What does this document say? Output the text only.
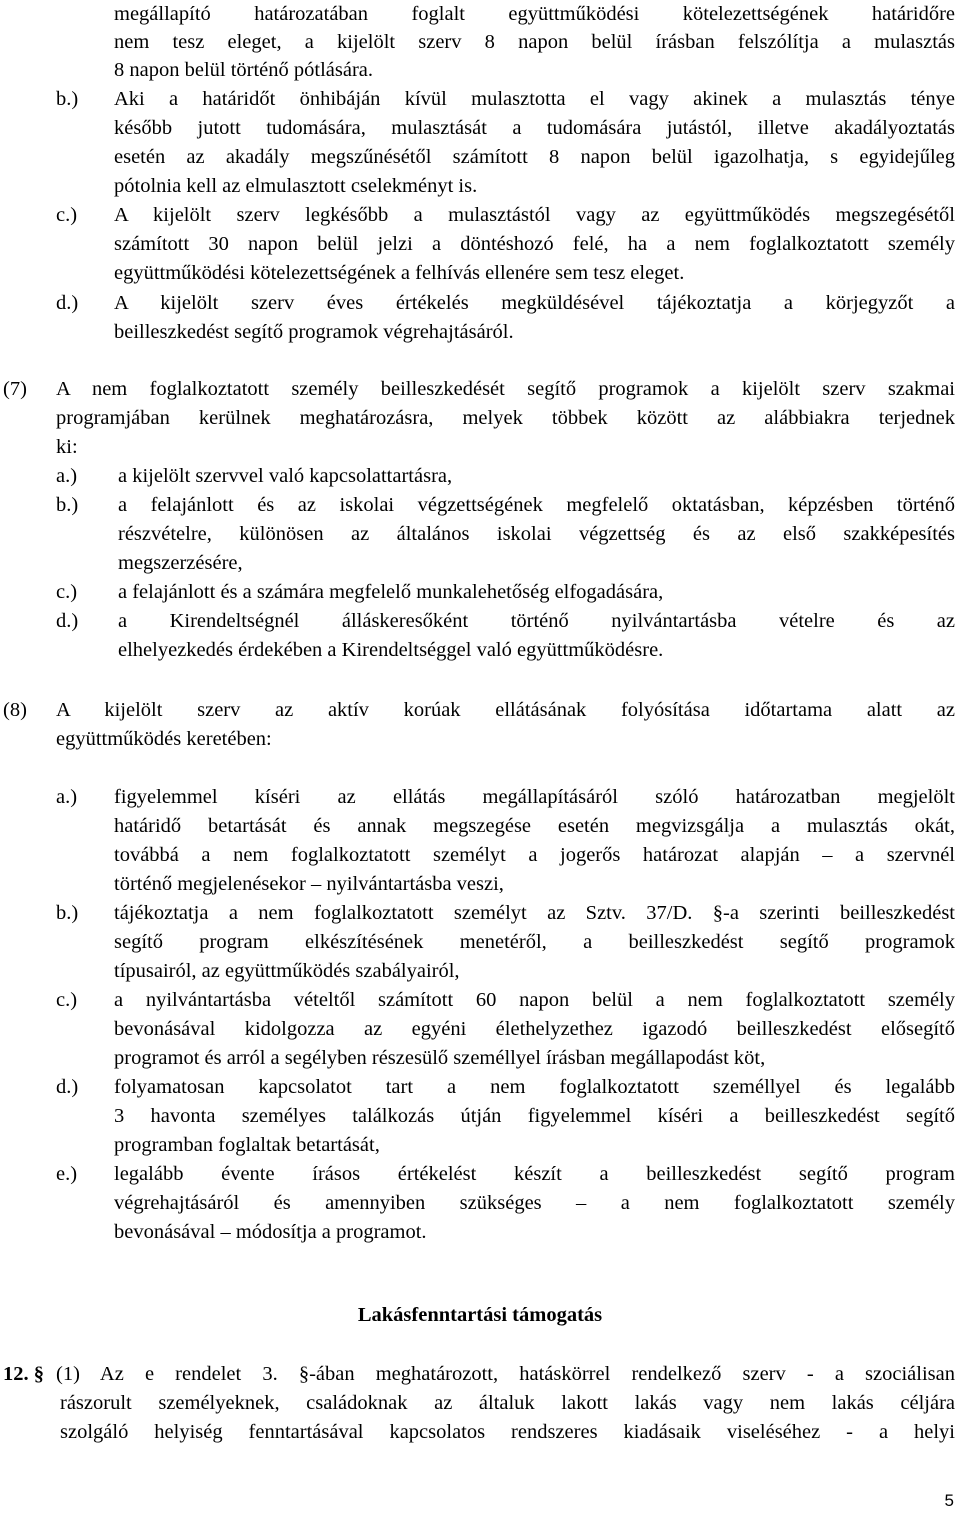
megállapító határozatában foglalt együttműködési kötelezettségének határidőre
nem tesz eleget, a kijelölt szerv 8 napon belül írásban felszólítja a mulasztás
8 napon belül történő pótlására.
b.) Aki a határidőt önhibáján kívül mulasztotta el vagy akinek a mulasztás ténye
később jutott tudomására, mulasztását a tudomására jutástól, illetve akadályoztatás
esetén az akadály megszűnésétől számított 8 napon belül igazolhatja, s egyidejűleg
pótolnia kell az elmulasztott cselekményt is.
c.) A kijelölt szerv legkésőbb a mulasztástól vagy az együttműködés megszegésétől
számított 30 napon belül jelzi a döntéshozó felé, ha a nem foglalkoztatott személy
együttműködési kötelezettségének a felhívás ellenére sem tesz eleget.
d.) A kijelölt szerv éves értékelés megküldésével tájékoztatja a körjegyzőt a
beilleszkedést segítő programok végrehajtásáról.
(7) A nem foglalkoztatott személy beilleszkedését segítő programok a kijelölt szerv szakmai
programjában kerülnek meghatározásra, melyek többek között az alábbiakra terjednek
ki:
a.) a kijelölt szervvel való kapcsolattartásra,
b.) a felajánlott és az iskolai végzettségének megfelelő oktatásban, képzésben történő
részvételre, különösen az általános iskolai végzettség és az első szakképesítés
megszerzésére,
c.) a felajánlott és a számára megfelelő munkalehetőség elfogadására,
d.) a Kirendeltségnél álláskeresőként történő nyilvántartásba vételre és az
elhelyezkedés érdekében a Kirendeltséggel való együttműködésre.
(8) A kijelölt szerv az aktív korúak ellátásának folyósítása időtartama alatt az
együttműködés keretében:
a.) figyelemmel kíséri az ellátás megállapításáról szóló határozatban megjelölt
határidő betartását és annak megszegése esetén megvizsgálja a mulasztás okát,
továbbá a nem foglalkoztatott személyt a jogerős határozat alapján – a szervnél
történő megjelenésekor – nyilvántartásba veszi,
b.) tájékoztatja a nem foglalkoztatott személyt az Sztv. 37/D. §-a szerinti beilleszkedést
segítő program elkészítésének menetéről, a beilleszkedést segítő programok
típusairól, az együttműködés szabályairól,
c.) a nyilvántartásba vételtől számított 60 napon belül a nem foglalkoztatott személy
bevonásával kidolgozza az egyéni élethelyzethez igazodó beilleszkedést elősegítő
programot és arról a segélyben részesülő személlyel írásban megállapodást köt,
d.) folyamatosan kapcsolatot tart a nem foglalkoztatott személlyel és legalább
3 havonta személyes találkozás útján figyelemmel kíséri a beilleszkedést segítő
programban foglaltak betartását,
e.) legalább évente írásos értékelést készít a beilleszkedést segítő program
végrehajtásáról és amennyiben szükséges – a nem foglalkoztatott személy
bevonásával – módosítja a programot.
Lakásfenntartási támogatás
12. § (1) Az e rendelet 3. §-ában meghatározott, hatáskörrel rendelkező szerv - a szociálisan
rászorult személyeknek, családoknak az általuk lakott lakás vagy nem lakás céljára
szolgáló helyiség fenntartásával kapcsolatos rendszeres kiadásaik viseléséhez - a helyi
5
